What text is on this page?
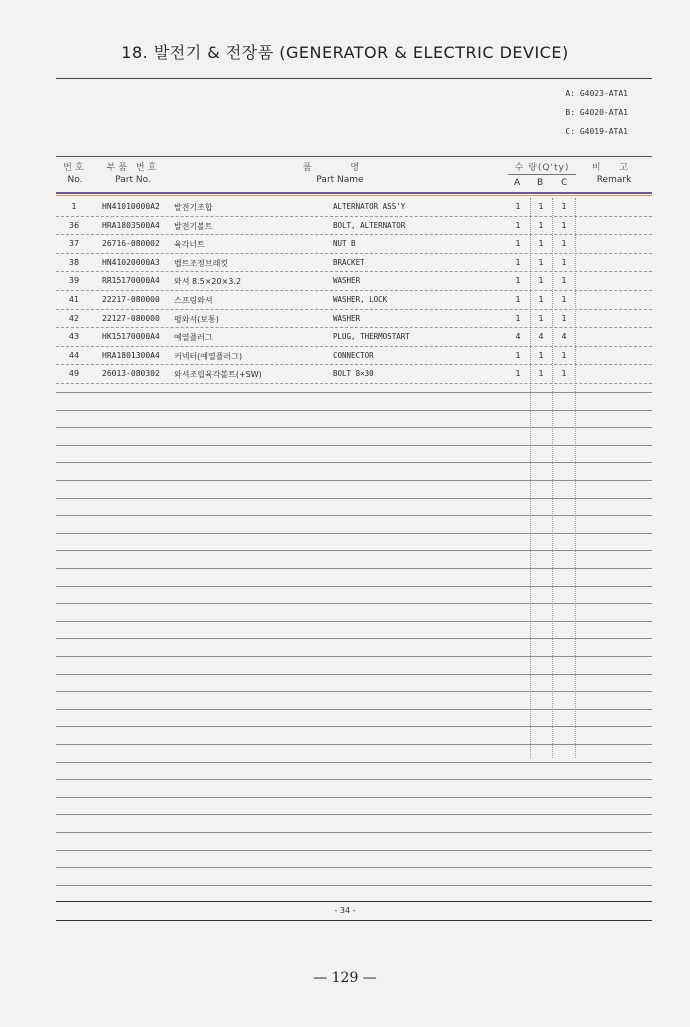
18. 발전기 & 전장품 (GENERATOR & ELECTRIC DEVICE)
A: G4023-ATA1
B: G4020-ATA1
C: G4019-ATA1
번호
No.
부품 번호
Part No.
품 명
Part Name
수 량(Q'ty)
A B C
비 고
Remark
1	HN41010000A2 발전기조합	ALTERNATOR ASS'Y	1	1	1
36	HRA1803500A4 발전기볼트	BOLT, ALTERNATOR	1	1	1
37	26716-080002 육각너트	NUT B	1	1	1
38	HN41020000A3 벨트조정브래킷	BRACKET	1	1	1
39	RR15170000A4 와셔 8.5×20×3.2	WASHER	1	1	1
41	22217-080000 스프링와셔	WASHER, LOCK	1	1	1
42	22127-080000 평와셔(보통)	WASHER	1	1	1
43	HK15170000A4 예열플러그	PLUG, THERMOSTART	4	4	4
44	HRA1801300A4 커넥터(예열플러그)	CONNECTOR	1	1	1
49	26013-080302 와셔조립육각볼트(+SW)	BOLT 8×30	1	1	1
- 34 -
— 129 —
